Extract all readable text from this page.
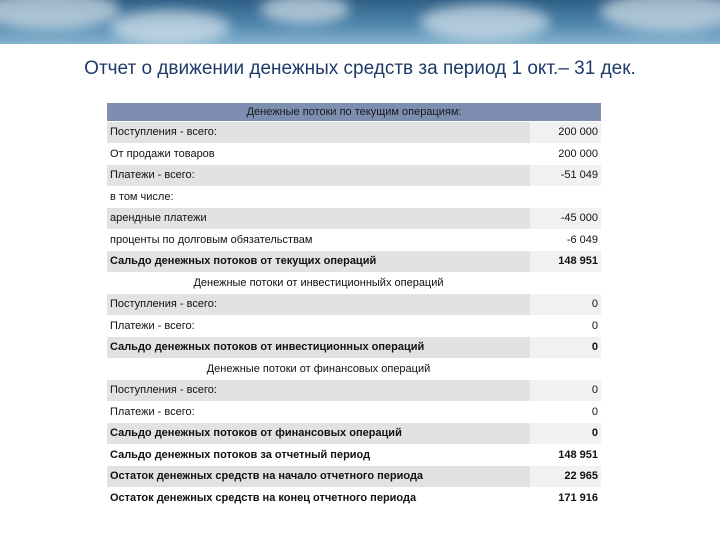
Отчет о движении денежных средств за период 1 окт.– 31 дек.
Денежные потоки по текущим операциям:	
Поступления - всего:	200 000
От продажи товаров	200 000
Платежи - всего:	-51 049
в том числе:	
арендные платежи	-45 000
проценты по долговым обязательствам	-6 049
Сальдо денежных потоков от текущих операций	148 951
Денежные потоки от инвестиционныйх операций	
Поступления - всего:	0
Платежи - всего:	0
Сальдо денежных потоков от инвестиционных операций	0
Денежные потоки от финансовых операций	
Поступления - всего:	0
Платежи - всего:	0
Сальдо денежных потоков от финансовых операций	0
Сальдо денежных потоков за отчетный период	148 951
Остаток денежных средств на начало отчетного периода	22 965
Остаток денежных средств на конец отчетного периода	171 916
